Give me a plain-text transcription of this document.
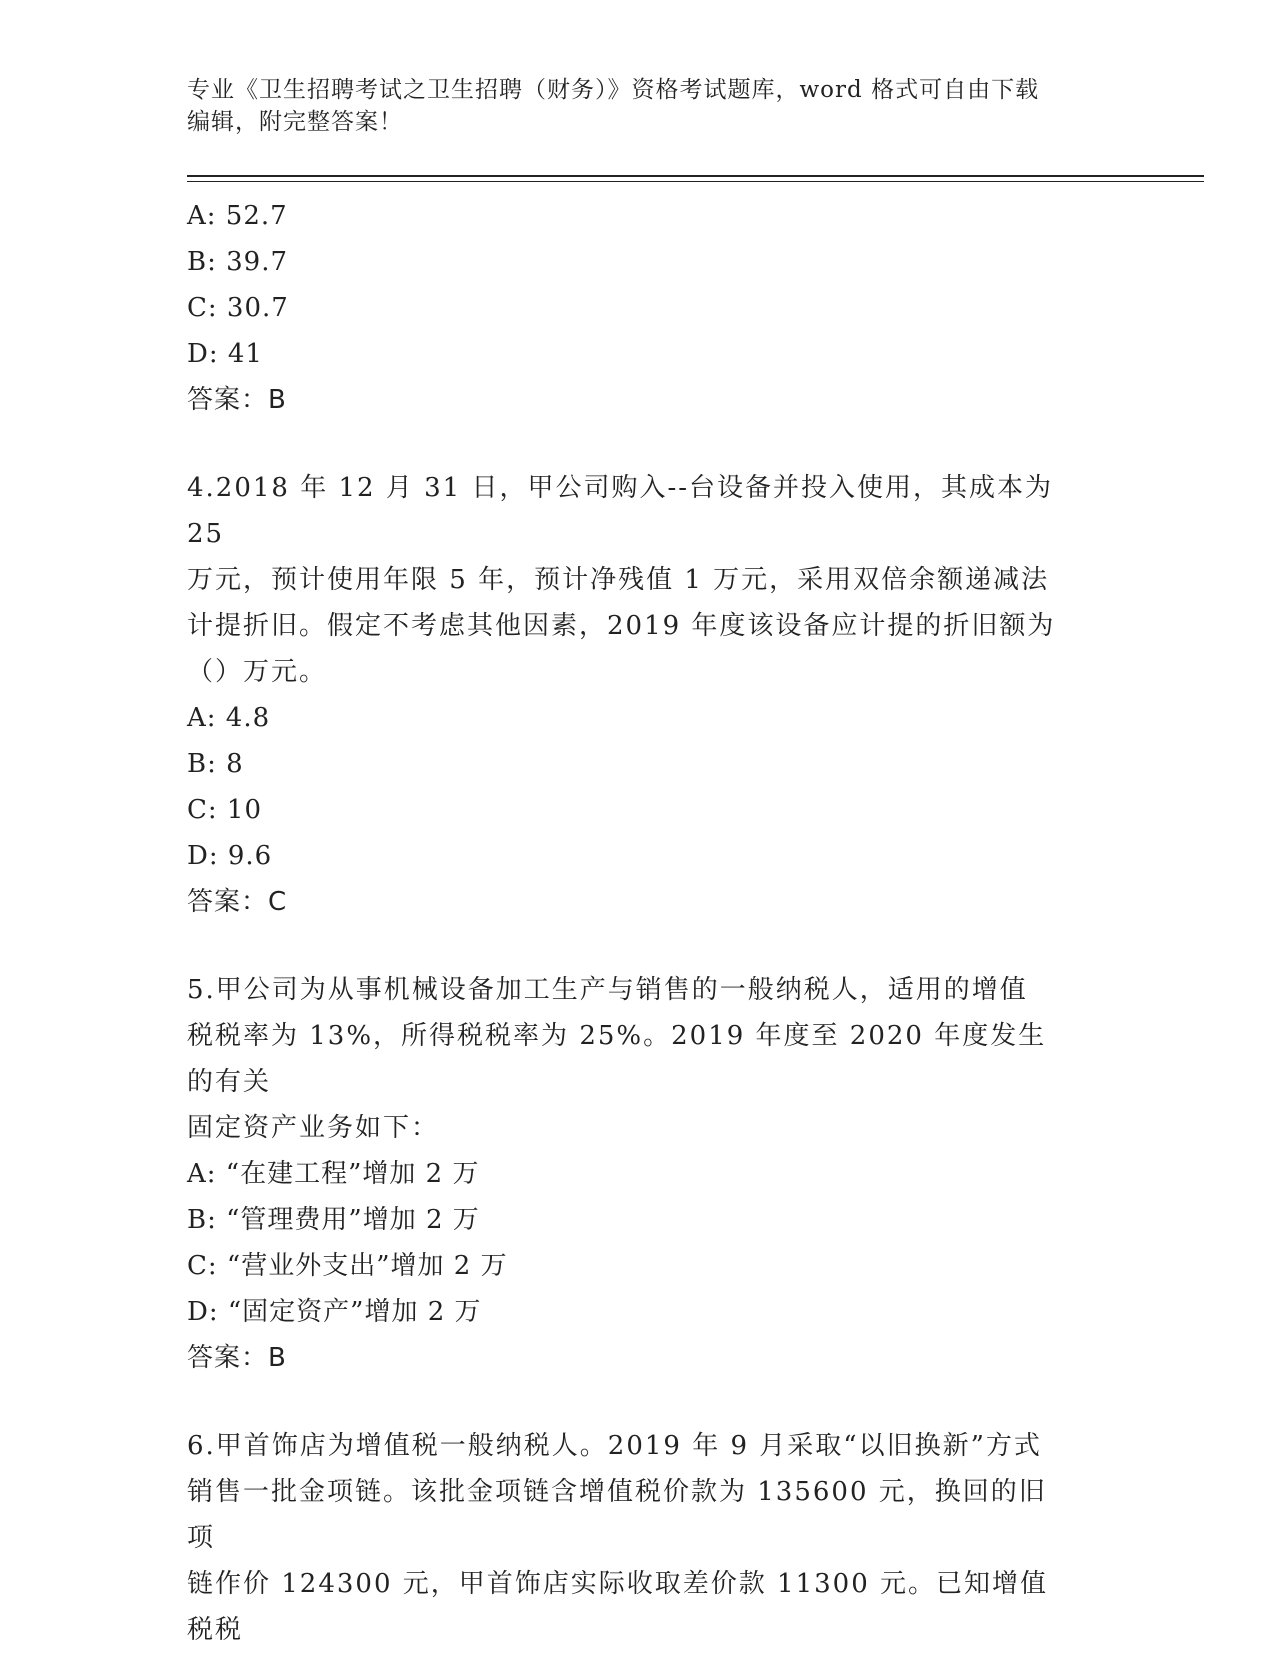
专业《卫生招聘考试之卫生招聘（财务）》资格考试题库，word 格式可自由下载
编辑，附完整答案！
A: 52.7
B: 39.7
C: 30.7
D: 41
答案：B
4.2018 年 12 月 31 日，甲公司购入--台设备并投入使用，其成本为 25
万元，预计使用年限 5 年，预计净残值 1 万元，采用双倍余额递减法
计提折旧。假定不考虑其他因素，2019 年度该设备应计提的折旧额为
（）万元。
A: 4.8
B: 8
C: 10
D: 9.6
答案：C
5.甲公司为从事机械设备加工生产与销售的一般纳税人，适用的增值
税税率为 13%，所得税税率为 25%。2019 年度至 2020 年度发生的有关
固定资产业务如下：
A: “在建工程”增加 2 万
B: “管理费用”增加 2 万
C: “营业外支出”增加 2 万
D: “固定资产”增加 2 万
答案：B
6.甲首饰店为增值税一般纳税人。2019 年 9 月采取“以旧换新”方式
销售一批金项链。该批金项链含增值税价款为 135600 元，换回的旧项
链作价 124300 元，甲首饰店实际收取差价款 11300 元。已知增值税税
